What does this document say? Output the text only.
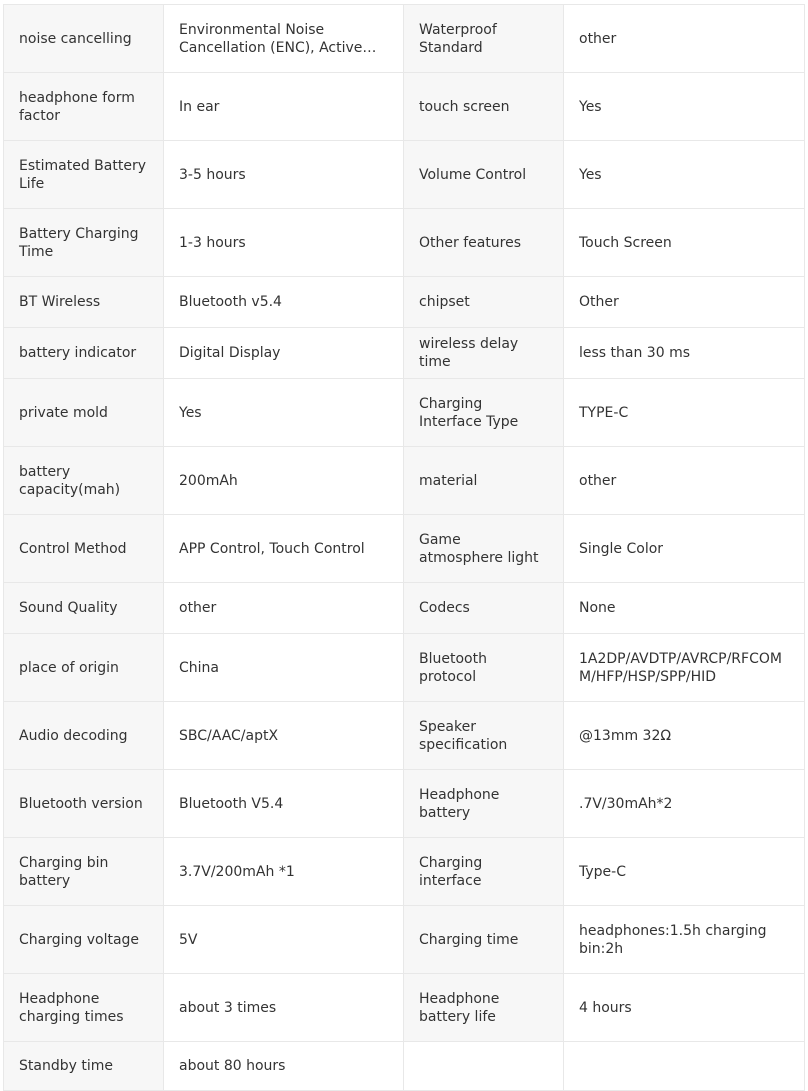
noise cancelling	Environmental Noise Cancellation (ENC), Active…	Waterproof Standard	other
headphone form factor	In ear	touch screen	Yes
Estimated Battery Life	3-5 hours	Volume Control	Yes
Battery Charging Time	1-3 hours	Other features	Touch Screen
BT Wireless	Bluetooth v5.4	chipset	Other
battery indicator	Digital Display	wireless delay time	less than 30 ms
private mold	Yes	Charging Interface Type	TYPE-C
battery capacity(mah)	200mAh	material	other
Control Method	APP Control, Touch Control	Game atmosphere light	Single Color
Sound Quality	other	Codecs	None
place of origin	China	Bluetooth protocol	1A2DP/AVDTP/AVRCP/RFCOMM/HFP/HSP/SPP/HID
Audio decoding	SBC/AAC/aptX	Speaker specification	@13mm 32Ω
Bluetooth version	Bluetooth V5.4	Headphone battery	.7V/30mAh*2
Charging bin battery	3.7V/200mAh *1	Charging interface	Type-C
Charging voltage	5V	Charging time	headphones:1.5h charging bin:2h
Headphone charging times	about 3 times	Headphone battery life	4 hours
Standby time	about 80 hours		
